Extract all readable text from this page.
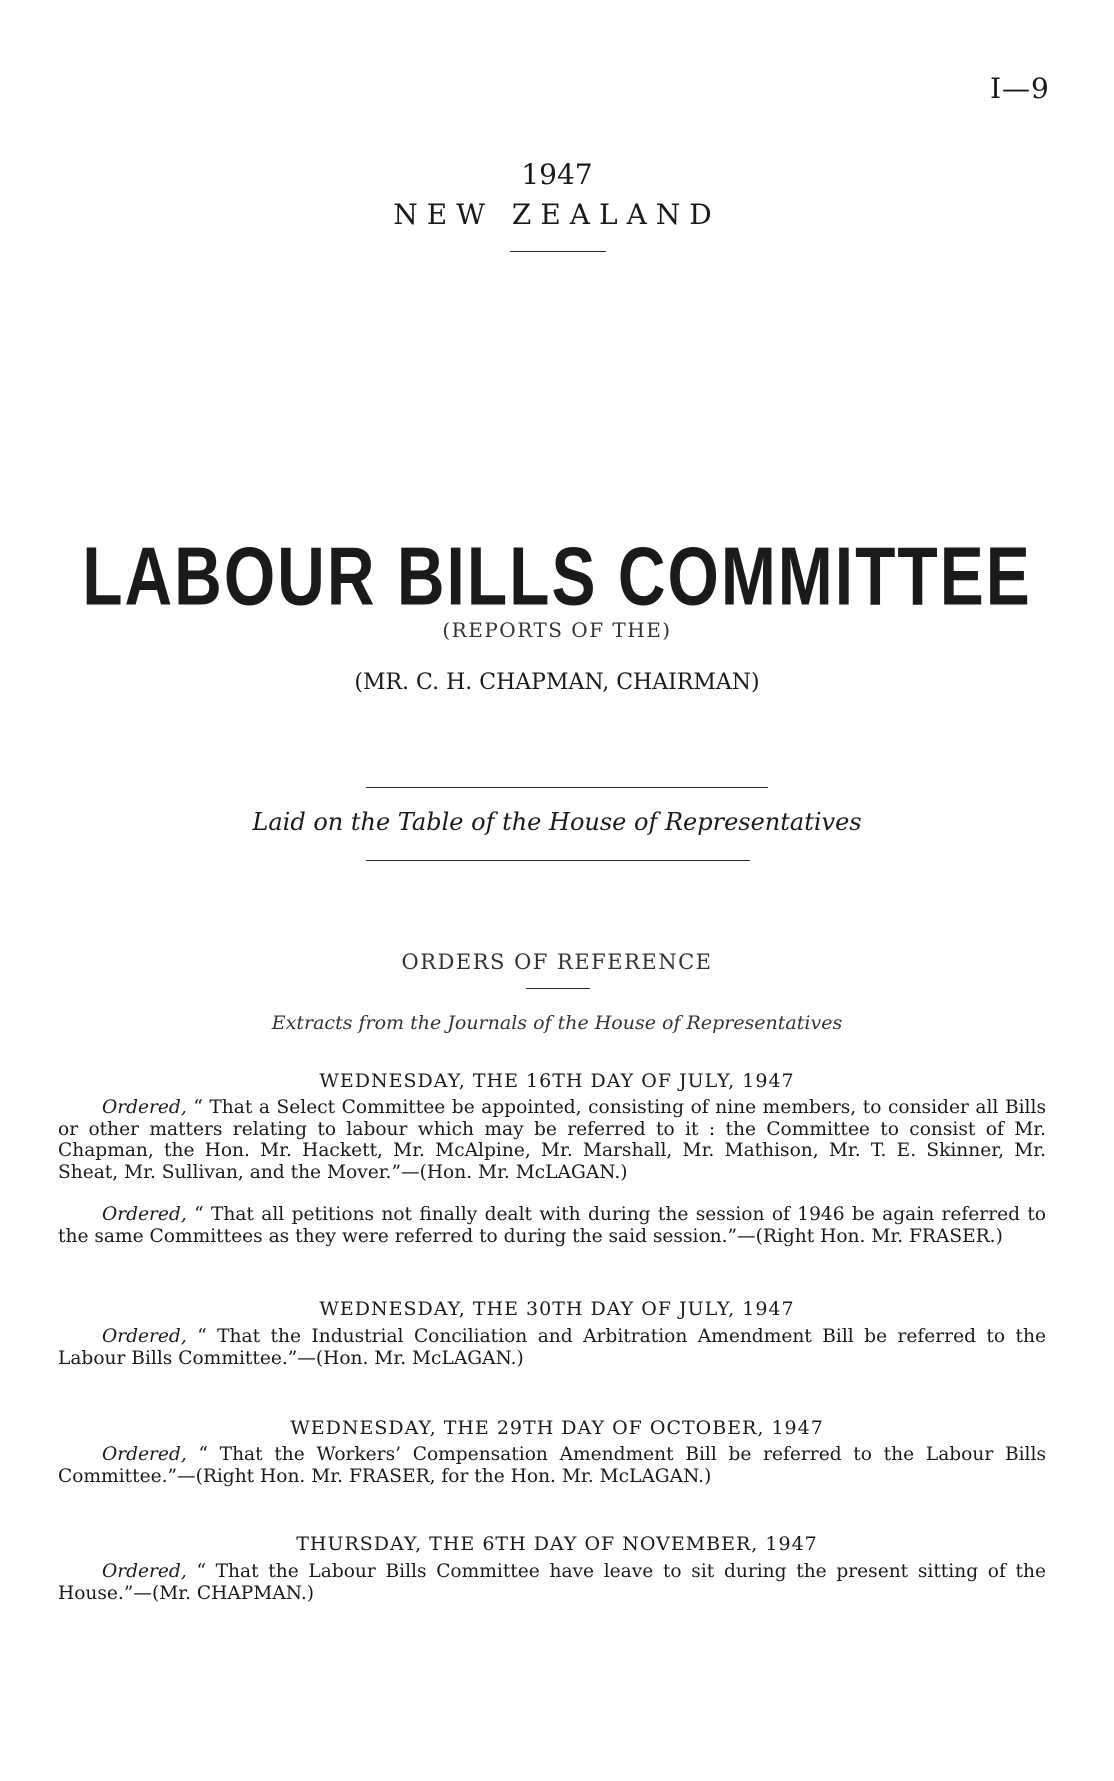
I—9
1947
NEW ZEALAND
LABOUR BILLS COMMITTEE
(REPORTS OF THE)
(MR. C. H. CHAPMAN, CHAIRMAN)
Laid on the Table of the House of Representatives
ORDERS OF REFERENCE
Extracts from the Journals of the House of Representatives
WEDNESDAY, THE 16TH DAY OF JULY, 1947
Ordered, “ That a Select Committee be appointed, consisting of nine members, to consider all Bills or other matters relating to labour which may be referred to it : the Committee to consist of Mr. Chapman, the Hon. Mr. Hackett, Mr. McAlpine, Mr. Marshall, Mr. Mathison, Mr. T. E. Skinner, Mr. Sheat, Mr. Sullivan, and the Mover.”—(Hon. Mr. McLAGAN.)
Ordered, “ That all petitions not finally dealt with during the session of 1946 be again referred to the same Committees as they were referred to during the said session.”—(Right Hon. Mr. FRASER.)
WEDNESDAY, THE 30TH DAY OF JULY, 1947
Ordered, “ That the Industrial Conciliation and Arbitration Amendment Bill be referred to the Labour Bills Committee.”—(Hon. Mr. McLAGAN.)
WEDNESDAY, THE 29TH DAY OF OCTOBER, 1947
Ordered, “ That the Workers’ Compensation Amendment Bill be referred to the Labour Bills Committee.”—(Right Hon. Mr. FRASER, for the Hon. Mr. McLAGAN.)
THURSDAY, THE 6TH DAY OF NOVEMBER, 1947
Ordered, “ That the Labour Bills Committee have leave to sit during the present sitting of the House.”—(Mr. CHAPMAN.)
